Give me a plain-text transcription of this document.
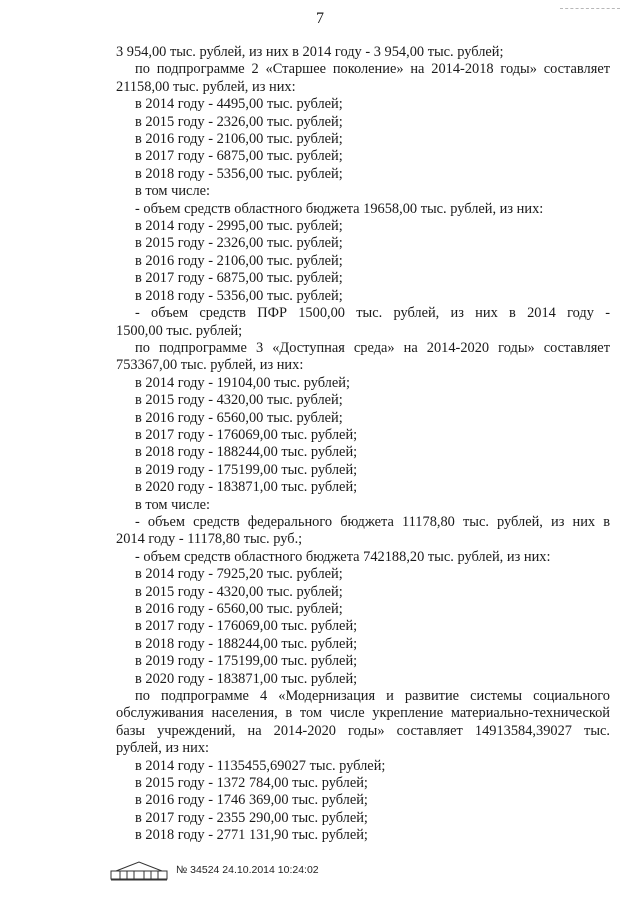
7
3 954,00 тыс. рублей, из них в 2014 году - 3 954,00 тыс. рублей;
по подпрограмме 2 «Старшее поколение» на 2014-2018 годы» составляет
21158,00 тыс. рублей, из них:
в 2014 году - 4495,00 тыс. рублей;
в 2015 году - 2326,00 тыс. рублей;
в 2016 году - 2106,00 тыс. рублей;
в 2017 году - 6875,00 тыс. рублей;
в 2018 году - 5356,00 тыс. рублей;
в том числе:
- объем средств областного бюджета 19658,00 тыс. рублей, из них:
в 2014 году - 2995,00 тыс. рублей;
в 2015 году - 2326,00 тыс. рублей;
в 2016 году - 2106,00 тыс. рублей;
в 2017 году - 6875,00 тыс. рублей;
в 2018 году - 5356,00 тыс. рублей;
- объем средств ПФР 1500,00 тыс. рублей, из них в 2014 году -
1500,00 тыс. рублей;
по подпрограмме 3 «Доступная среда» на 2014-2020 годы» составляет
753367,00 тыс. рублей, из них:
в 2014 году - 19104,00 тыс. рублей;
в 2015 году - 4320,00 тыс. рублей;
в 2016 году - 6560,00 тыс. рублей;
в 2017 году - 176069,00 тыс. рублей;
в 2018 году - 188244,00 тыс. рублей;
в 2019 году - 175199,00 тыс. рублей;
в 2020 году - 183871,00 тыс. рублей;
в том числе:
- объем средств федерального бюджета 11178,80 тыс. рублей, из них в
2014 году - 11178,80 тыс. руб.;
- объем средств областного бюджета 742188,20 тыс. рублей, из них:
в 2014 году - 7925,20 тыс. рублей;
в 2015 году - 4320,00 тыс. рублей;
в 2016 году - 6560,00 тыс. рублей;
в 2017 году - 176069,00 тыс. рублей;
в 2018 году - 188244,00 тыс. рублей;
в 2019 году - 175199,00 тыс. рублей;
в 2020 году - 183871,00 тыс. рублей;
по подпрограмме 4 «Модернизация и развитие системы социального
обслуживания населения, в том числе укрепление материально-технической
базы учреждений, на 2014-2020 годы» составляет 14913584,39027 тыс.
рублей, из них:
в 2014 году - 1135455,69027 тыс. рублей;
в 2015 году - 1372 784,00 тыс. рублей;
в 2016 году - 1746 369,00 тыс. рублей;
в 2017 году - 2355 290,00 тыс. рублей;
в 2018 году - 2771 131,90 тыс. рублей;
№ 34524 24.10.2014 10:24:02
